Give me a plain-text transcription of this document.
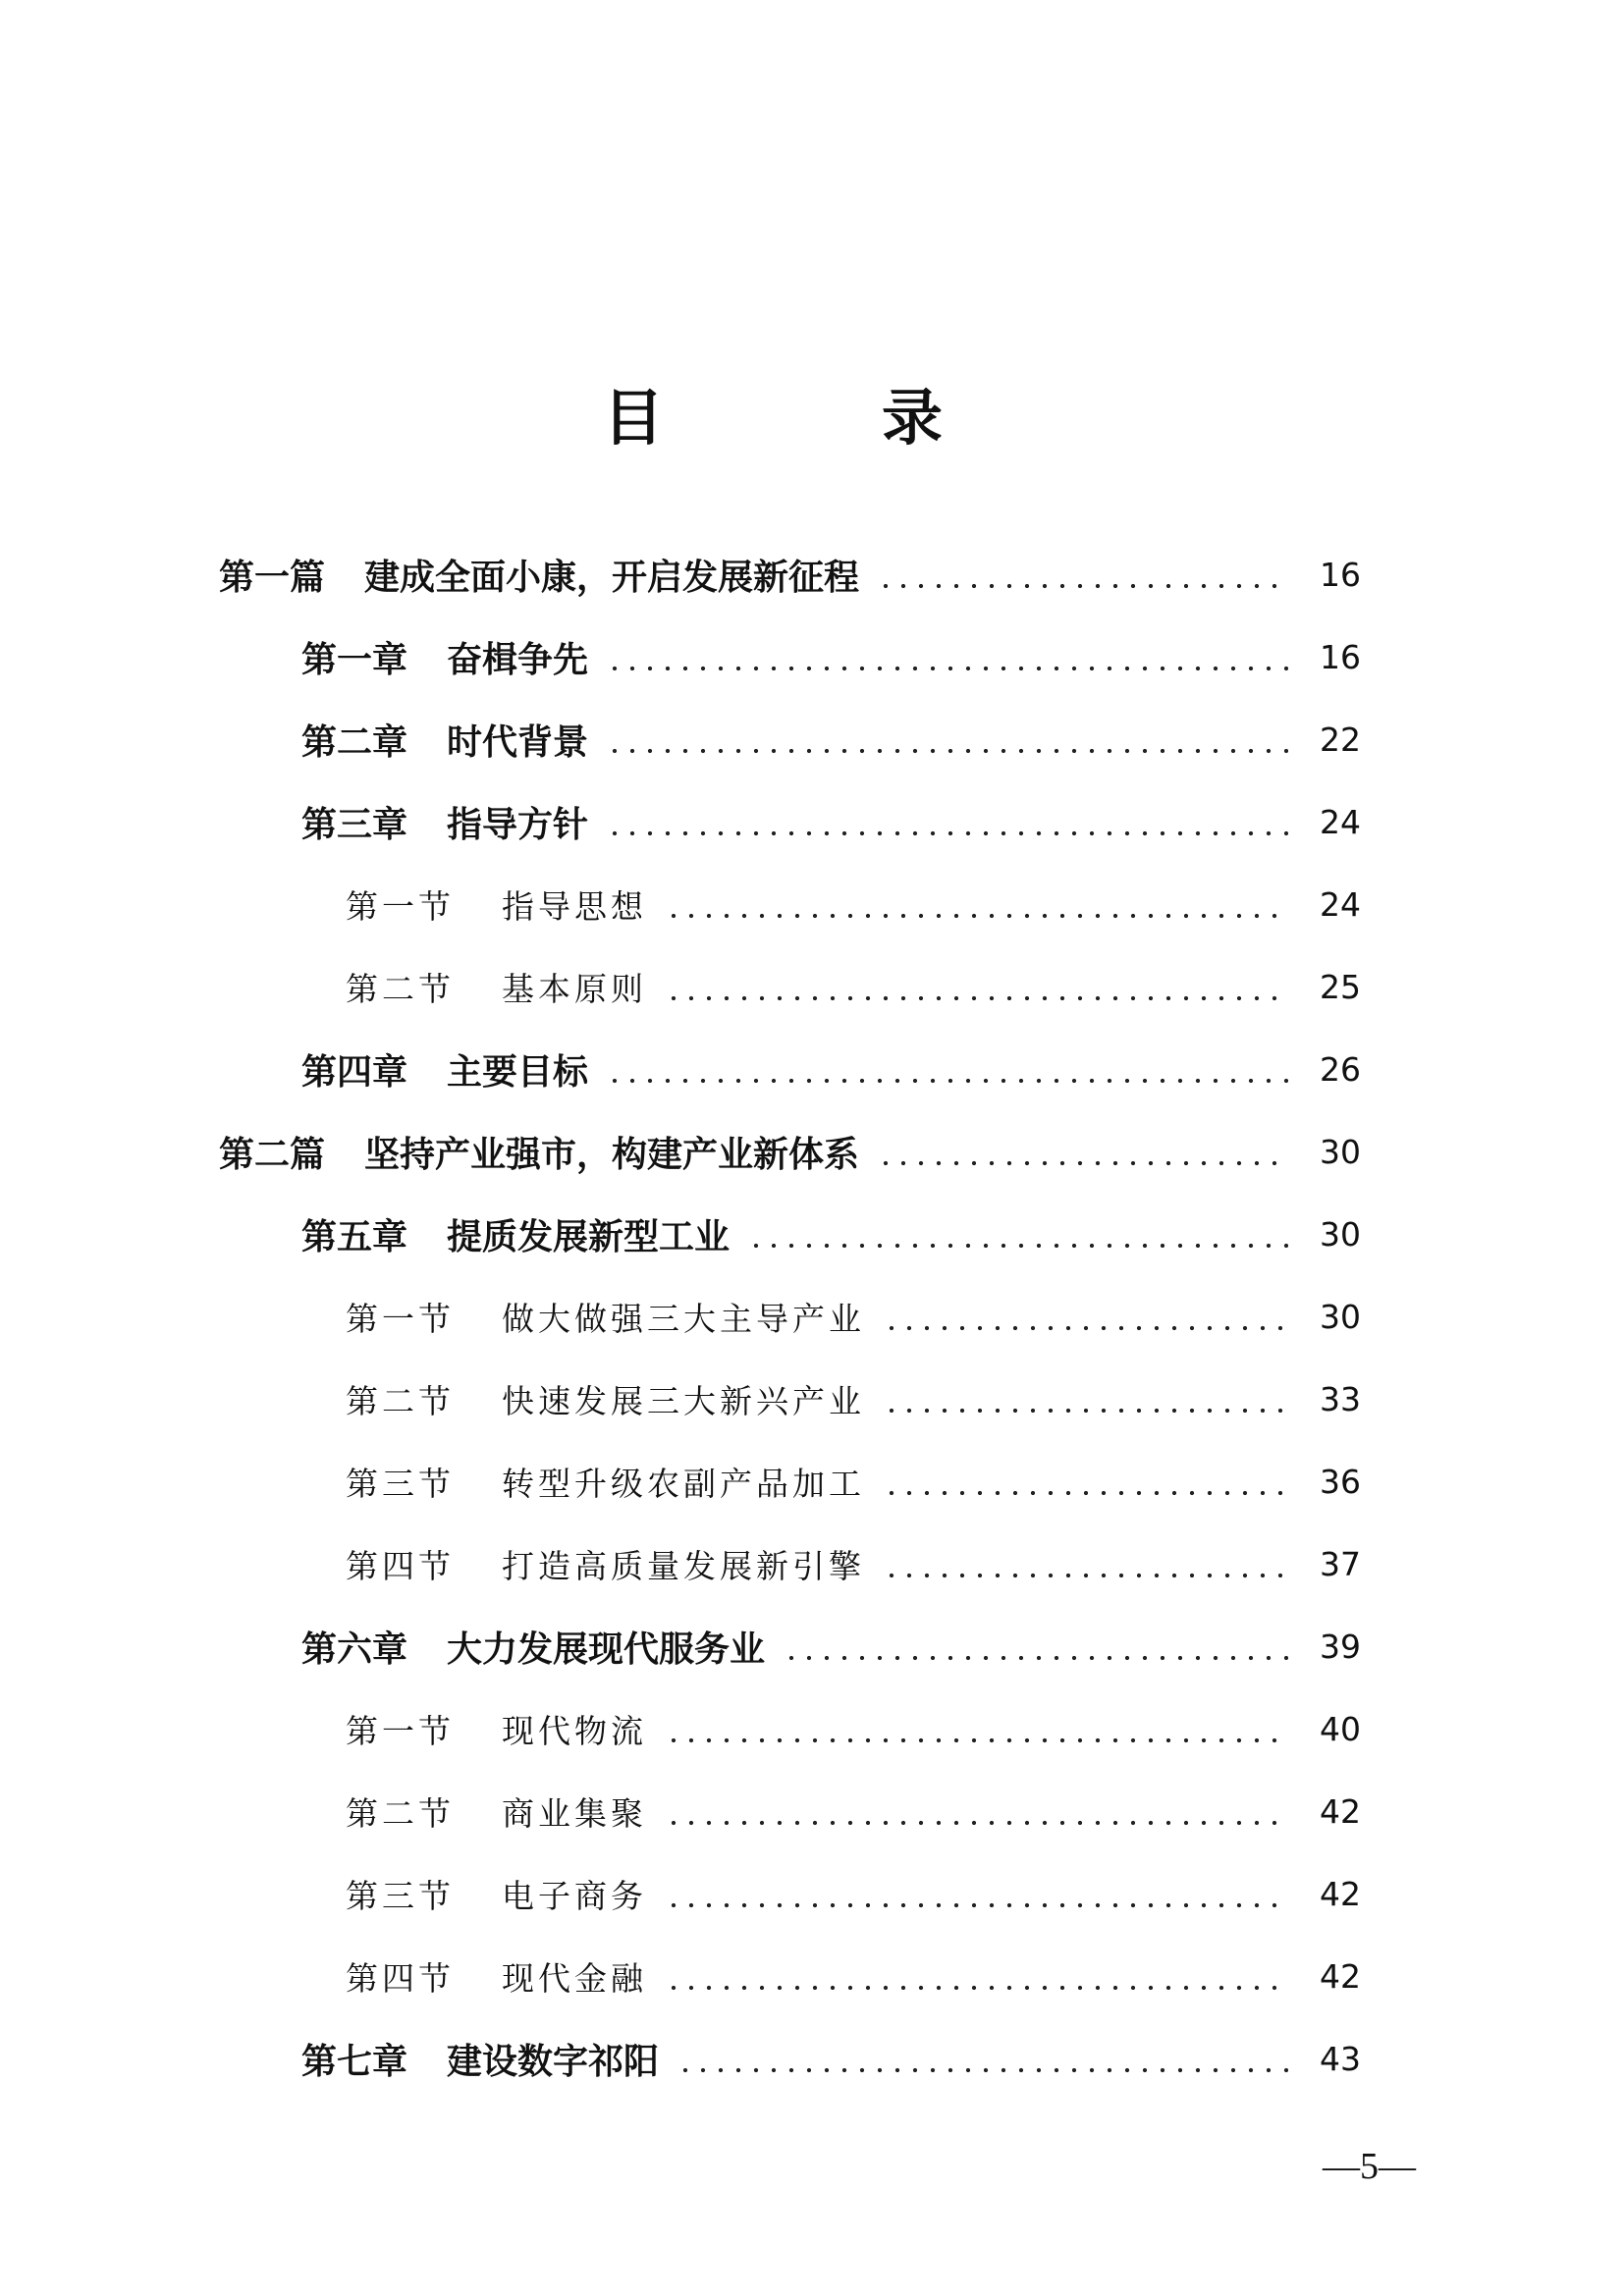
目　录
第一篇 建成全面小康，开启发展新征程	16
第一章 奋楫争先	16
第二章 时代背景	22
第三章 指导方针	24
第一节 指导思想	24
第二节 基本原则	25
第四章 主要目标	26
第二篇 坚持产业强市，构建产业新体系	30
第五章 提质发展新型工业	30
第一节 做大做强三大主导产业	30
第二节 快速发展三大新兴产业	33
第三节 转型升级农副产品加工	36
第四节 打造高质量发展新引擎	37
第六章 大力发展现代服务业	39
第一节 现代物流	40
第二节 商业集聚	42
第三节 电子商务	42
第四节 现代金融	42
第七章 建设数字祁阳	43
—5—
